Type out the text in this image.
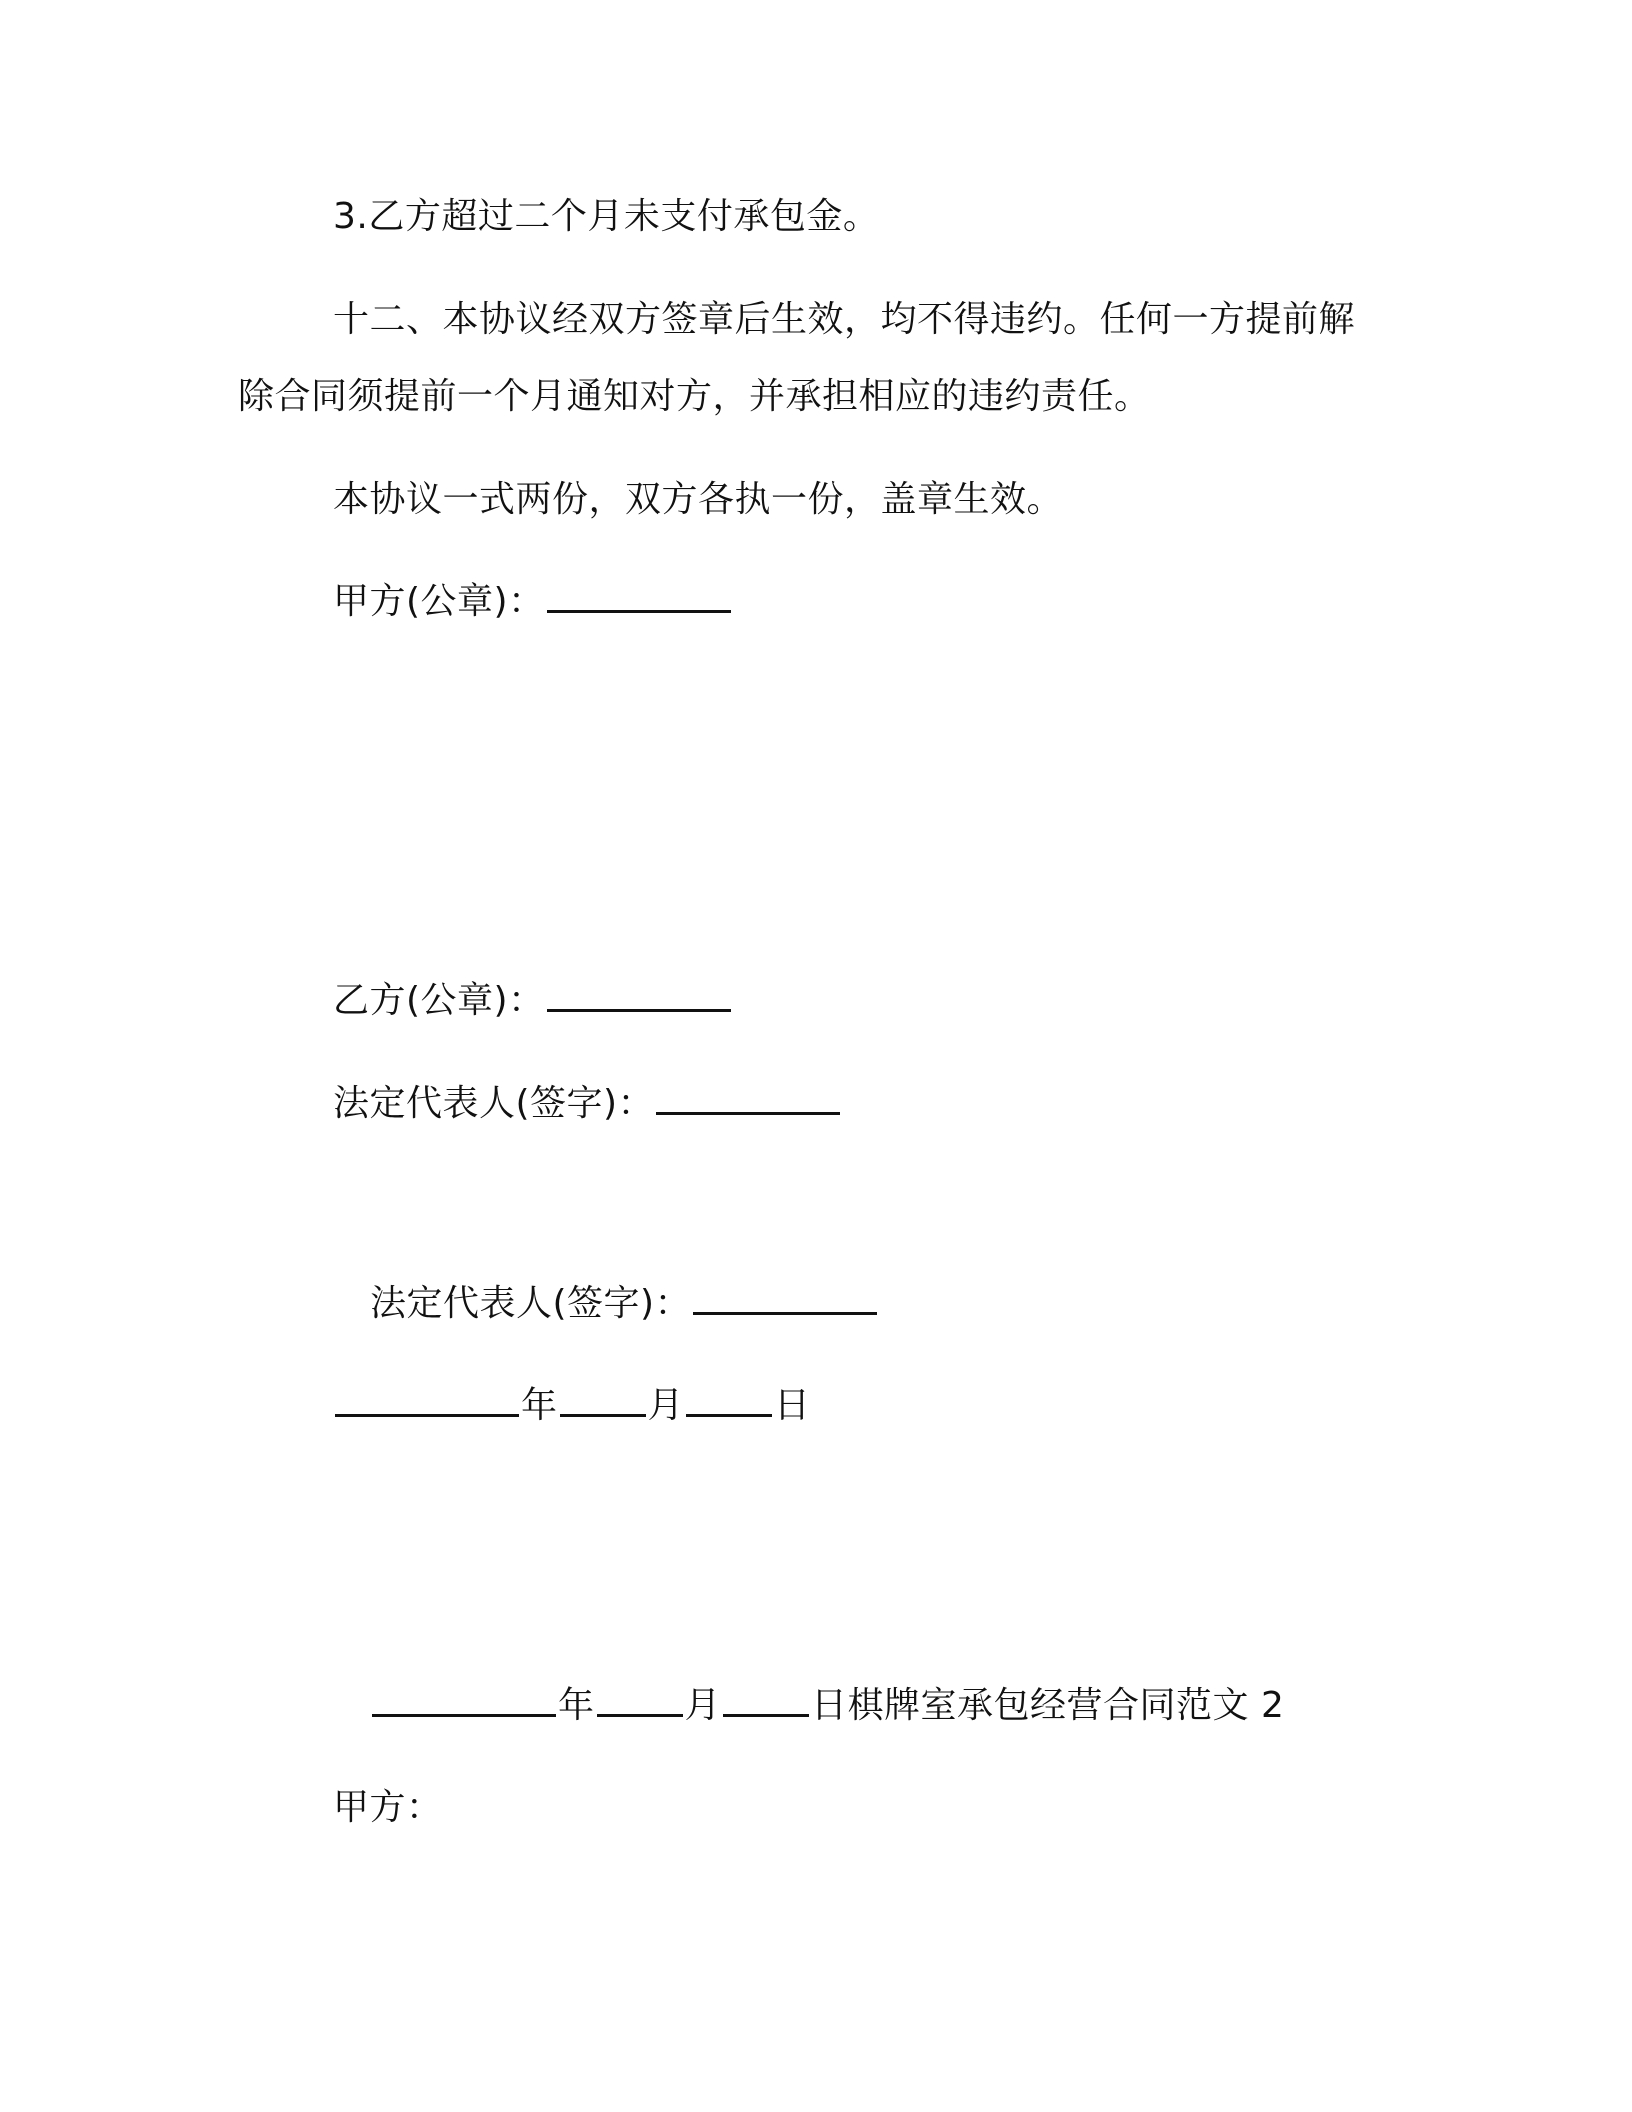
3.乙方超过二个月未支付承包金。
十二、本协议经双方签章后生效，均不得违约。任何一方提前解
除合同须提前一个月通知对方，并承担相应的违约责任。
本协议一式两份，双方各执一份，盖章生效。
甲方(公章)：
乙方(公章)：
法定代表人(签字)：
法定代表人(签字)：
年	月	日
年	月	日棋牌室承包经营合同范文 2
甲方：
